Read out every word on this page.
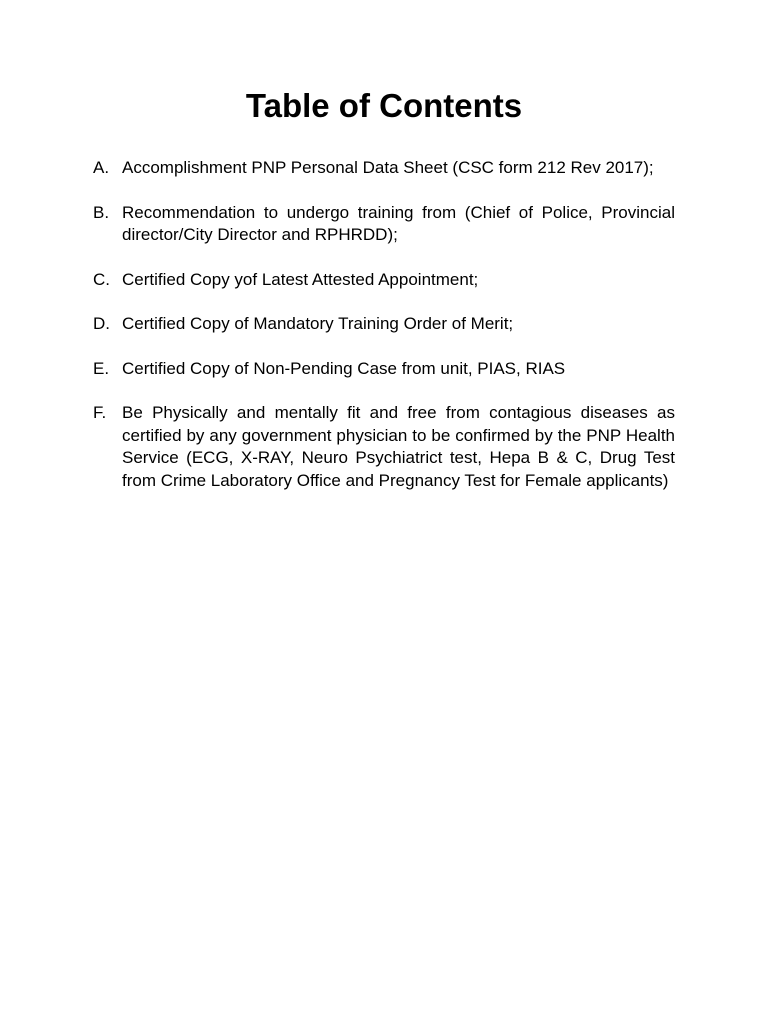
Table of Contents
A. Accomplishment PNP Personal Data Sheet (CSC form 212 Rev 2017);
B. Recommendation to undergo training from (Chief of Police, Provincial director/City Director and RPHRDD);
C. Certified Copy yof Latest Attested Appointment;
D. Certified Copy of Mandatory Training Order of Merit;
E. Certified Copy of Non-Pending Case from unit, PIAS, RIAS
F. Be Physically and mentally fit and free from contagious diseases as certified by any government physician to be confirmed by the PNP Health Service (ECG, X-RAY, Neuro Psychiatrict test, Hepa B & C, Drug Test from Crime Laboratory Office and Pregnancy Test for Female applicants)
